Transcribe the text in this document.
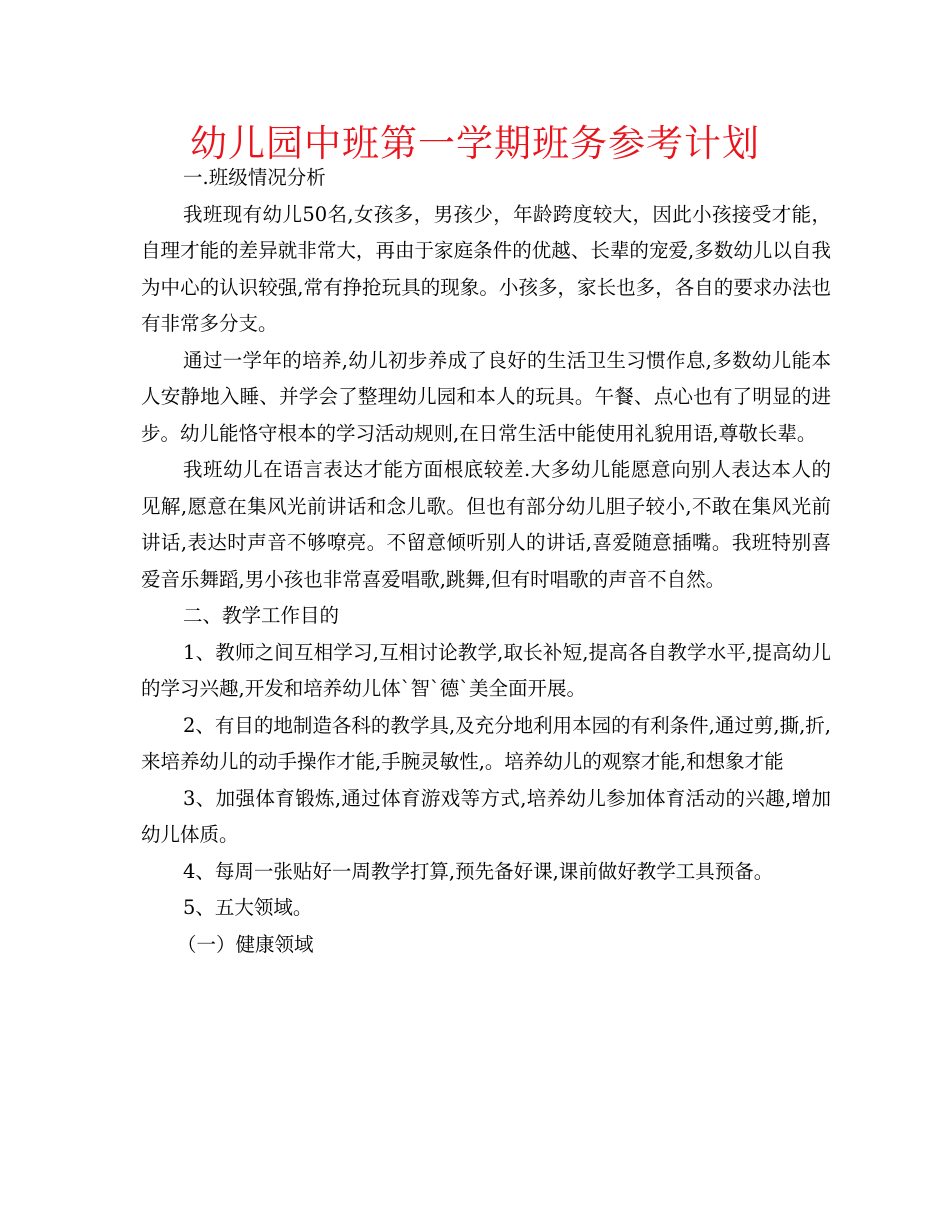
幼儿园中班第一学期班务参考计划

一.班级情况分析

我班现有幼儿50名,女孩多，男孩少，年龄跨度较大，因此小孩接受才能，自理才能的差异就非常大，再由于家庭条件的优越、长辈的宠爱,多数幼儿以自我为中心的认识较强,常有挣抢玩具的现象。小孩多，家长也多，各自的要求办法也有非常多分支。

通过一学年的培养,幼儿初步养成了良好的生活卫生习惯作息,多数幼儿能本人安静地入睡、并学会了整理幼儿园和本人的玩具。午餐、点心也有了明显的进步。幼儿能恪守根本的学习活动规则,在日常生活中能使用礼貌用语,尊敬长辈。

我班幼儿在语言表达才能方面根底较差.大多幼儿能愿意向别人表达本人的见解,愿意在集风光前讲话和念儿歌。但也有部分幼儿胆子较小,不敢在集风光前讲话,表达时声音不够嘹亮。不留意倾听别人的讲话,喜爱随意插嘴。我班特别喜爱音乐舞蹈,男小孩也非常喜爱唱歌,跳舞,但有时唱歌的声音不自然。

二、教学工作目的

1、教师之间互相学习,互相讨论教学,取长补短,提高各自教学水平,提高幼儿的学习兴趣,开发和培养幼儿体`智`德`美全面开展。

2、有目的地制造各科的教学具,及充分地利用本园的有利条件,通过剪,撕,折,来培养幼儿的动手操作才能,手腕灵敏性,。培养幼儿的观察才能,和想象才能

3、加强体育锻炼,通过体育游戏等方式,培养幼儿参加体育活动的兴趣,增加幼儿体质。

4、每周一张贴好一周教学打算,预先备好课,课前做好教学工具预备。

5、五大领域。

（一）健康领域
